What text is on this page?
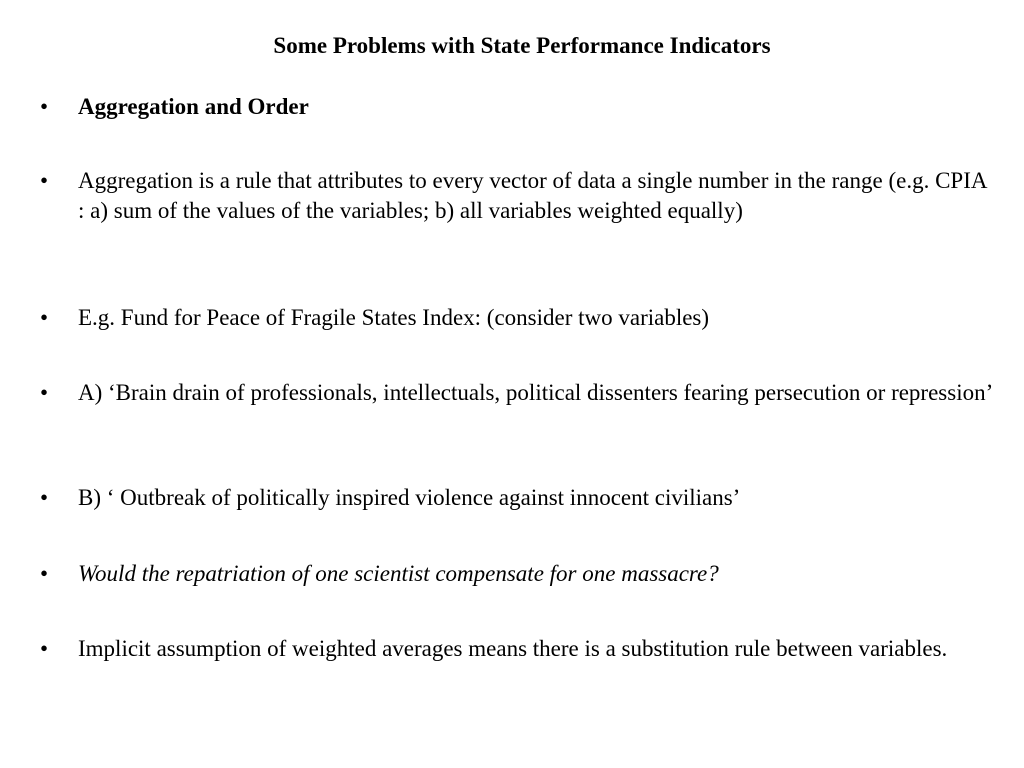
Some Problems with State Performance Indicators
• Aggregation and Order
• Aggregation is a rule that attributes to every vector of data a single number in the range (e.g. CPIA : a) sum of the values of the variables; b) all variables weighted equally)
• E.g. Fund for Peace of Fragile States Index: (consider two variables)
• A) ‘Brain drain of professionals, intellectuals, political dissenters fearing persecution or repression’
• B) ‘ Outbreak of politically inspired violence against innocent civilians’
• Would the repatriation of one scientist compensate for one massacre?
• Implicit assumption of weighted averages means there is a substitution rule between variables.
